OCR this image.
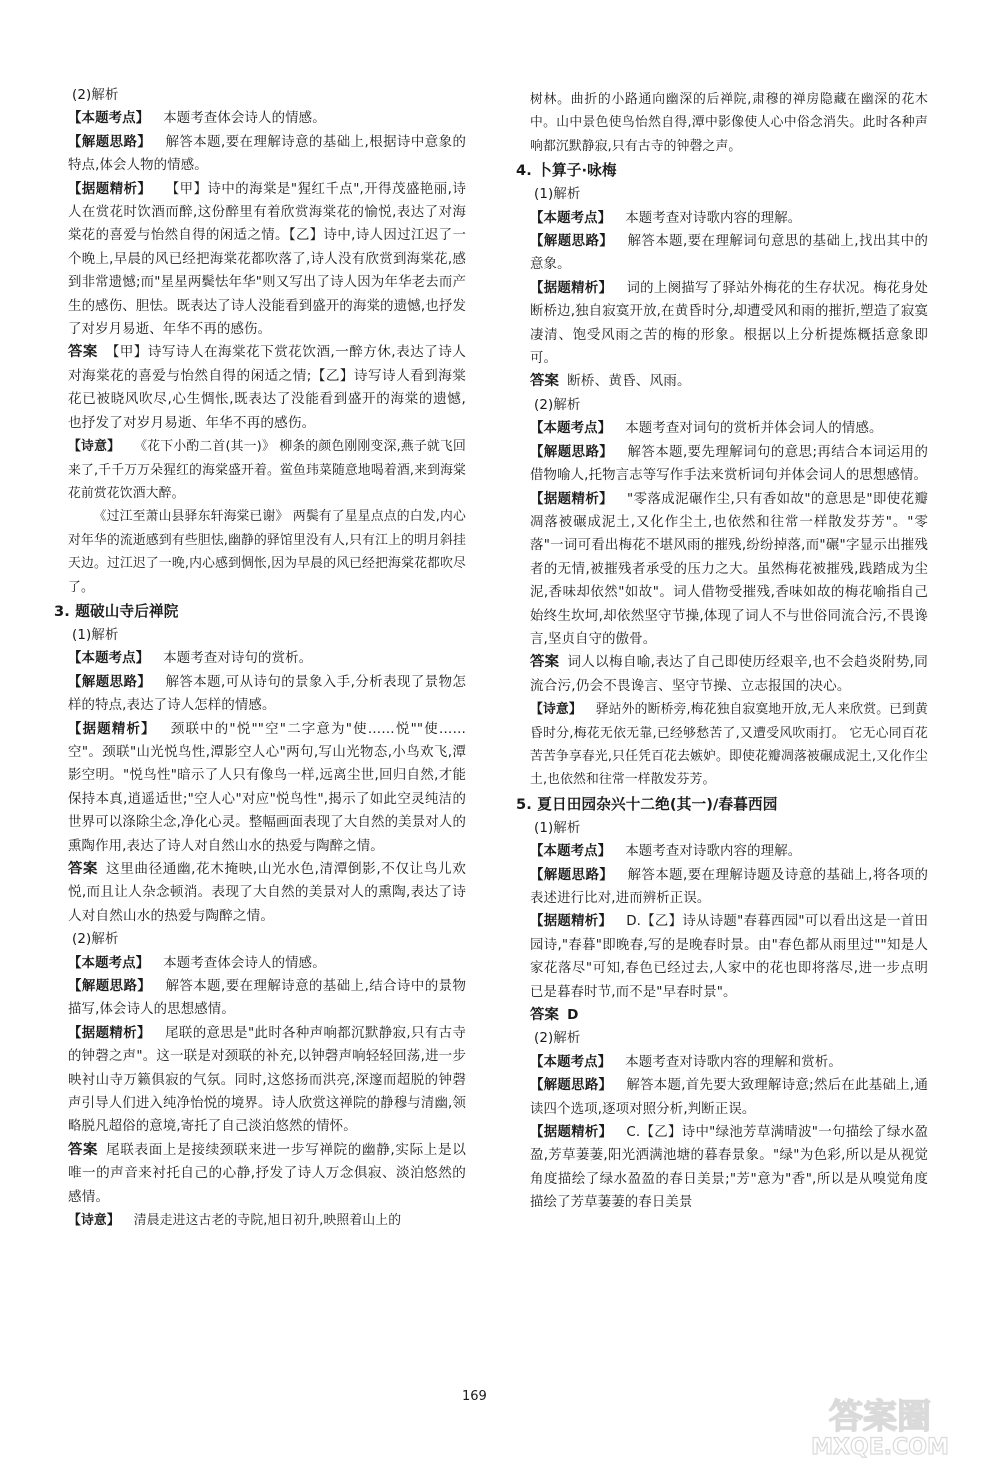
(2)解析

【本题考点】 本题考查体会诗人的情感。

【解题思路】 解答本题,要在理解诗意的基础上,根据诗中意象的特点,体会人物的情感。

【据题精析】 【甲】诗中的海棠是"猩红千点",开得茂盛艳丽,诗人在赏花时饮酒而醉,这份醉里有着欣赏海棠花的愉悦,表达了对海棠花的喜爱与怡然自得的闲适之情。【乙】诗中,诗人因过江迟了一个晚上,早晨的风已经把海棠花都吹落了,诗人没有欣赏到海棠花,感到非常遗憾;而"星星两鬓怯年华"则又写出了诗人因为年华老去而产生的感伤、胆怯。既表达了诗人没能看到盛开的海棠的遗憾,也抒发了对岁月易逝、年华不再的感伤。

答案 【甲】诗写诗人在海棠花下赏花饮酒,一醉方休,表达了诗人对海棠花的喜爱与怡然自得的闲适之情;【乙】诗写诗人看到海棠花已被晓风吹尽,心生惆怅,既表达了没能看到盛开的海棠的遗憾,也抒发了对岁月易逝、年华不再的感伤。

【诗意】 《花下小酌二首(其一)》 柳条的颜色刚刚变深,燕子就飞回来了,千千万万朵猩红的海棠盛开着。鲎鱼玮菜随意地喝着酒,来到海棠花前赏花饮酒大醉。

《过江至萧山县驿东轩海棠已谢》 两鬓有了星星点点的白发,内心对年华的流逝感到有些胆怯,幽静的驿馆里没有人,只有江上的明月斜挂天边。过江迟了一晚,内心感到惆怅,因为早晨的风已经把海棠花都吹尽了。

3. 题破山寺后禅院

(1)解析

【本题考点】 本题考查对诗句的赏析。

【解题思路】 解答本题,可从诗句的景象入手,分析表现了景物怎样的特点,表达了诗人怎样的情感。

【据题精析】 颈联中的"悦""空"二字意为"使……悦""使……空"。颈联"山光悦鸟性,潭影空人心"两句,写山光物态,小鸟欢飞,潭影空明。"悦鸟性"暗示了人只有像鸟一样,远离尘世,回归自然,才能保持本真,逍遥适世;"空人心"对应"悦鸟性",揭示了如此空灵纯洁的世界可以涤除尘念,净化心灵。整幅画面表现了大自然的美景对人的熏陶作用,表达了诗人对自然山水的热爱与陶醉之情。

答案 这里曲径通幽,花木掩映,山光水色,清潭倒影,不仅让鸟儿欢悦,而且让人杂念顿消。表现了大自然的美景对人的熏陶,表达了诗人对自然山水的热爱与陶醉之情。

(2)解析

【本题考点】 本题考查体会诗人的情感。

【解题思路】 解答本题,要在理解诗意的基础上,结合诗中的景物描写,体会诗人的思想感情。

【据题精析】 尾联的意思是"此时各种声响都沉默静寂,只有古寺的钟磬之声"。这一联是对颈联的补充,以钟磬声响轻轻回荡,进一步映衬山寺万籁俱寂的气氛。同时,这悠扬而洪亮,深邃而超脱的钟磬声引导人们进入纯净怡悦的境界。诗人欣赏这禅院的静穆与清幽,领略脱凡超俗的意境,寄托了自己淡泊悠然的情怀。

答案 尾联表面上是接续颈联来进一步写禅院的幽静,实际上是以唯一的声音来衬托自己的心静,抒发了诗人万念俱寂、淡泊悠然的感情。

【诗意】 清晨走进这古老的寺院,旭日初升,映照着山上的

树林。曲折的小路通向幽深的后禅院,肃穆的禅房隐藏在幽深的花木中。山中景色使鸟怡然自得,潭中影像使人心中俗念消失。此时各种声响都沉默静寂,只有古寺的钟磬之声。

4. 卜算子·咏梅

(1)解析

【本题考点】 本题考查对诗歌内容的理解。

【解题思路】 解答本题,要在理解词句意思的基础上,找出其中的意象。

【据题精析】 词的上阕描写了驿站外梅花的生存状况。梅花身处断桥边,独自寂寞开放,在黄昏时分,却遭受风和雨的摧折,塑造了寂寞凄清、饱受风雨之苦的梅的形象。根据以上分析提炼概括意象即可。

答案 断桥、黄昏、风雨。

(2)解析

【本题考点】 本题考查对词句的赏析并体会词人的情感。

【解题思路】 解答本题,要先理解词句的意思;再结合本词运用的借物喻人,托物言志等写作手法来赏析词句并体会词人的思想感情。

【据题精析】 "零落成泥碾作尘,只有香如故"的意思是"即使花瓣凋落被碾成泥土,又化作尘土,也依然和往常一样散发芬芳"。"零落"一词可看出梅花不堪风雨的摧残,纷纷掉落,而"碾"字显示出摧残者的无情,被摧残者承受的压力之大。虽然梅花被摧残,践踏成为尘泥,香味却依然"如故"。词人借物受摧残,香味如故的梅花喻指自己始终生坎坷,却依然坚守节操,体现了词人不与世俗同流合污,不畏谗言,坚贞自守的傲骨。

答案 词人以梅自喻,表达了自己即使历经艰辛,也不会趋炎附势,同流合污,仍会不畏谗言、坚守节操、立志报国的决心。

【诗意】 驿站外的断桥旁,梅花独自寂寞地开放,无人来欣赏。已到黄昏时分,梅花无依无靠,已经够愁苦了,又遭受风吹雨打。 它无心同百花苦苦争享春光,只任凭百花去嫉妒。即使花瓣凋落被碾成泥土,又化作尘土,也依然和往常一样散发芬芳。

5. 夏日田园杂兴十二绝(其一)/春暮西园

(1)解析

【本题考点】 本题考查对诗歌内容的理解。

【解题思路】 解答本题,要在理解诗题及诗意的基础上,将各项的表述进行比对,进而辨析正误。

【据题精析】 D.【乙】诗从诗题"春暮西园"可以看出这是一首田园诗,"春暮"即晚春,写的是晚春时景。由"春色都从雨里过""知是人家花落尽"可知,春色已经过去,人家中的花也即将落尽,进一步点明已是暮春时节,而不是"早春时景"。

答案 D

(2)解析

【本题考点】 本题考查对诗歌内容的理解和赏析。

【解题思路】 解答本题,首先要大致理解诗意;然后在此基础上,通读四个选项,逐项对照分析,判断正误。

【据题精析】 C.【乙】诗中"绿池芳草满晴波"一句描绘了绿水盈盈,芳草萋萋,阳光洒满池塘的暮春景象。"绿"为色彩,所以是从视觉角度描绘了绿水盈盈的春日美景;"芳"意为"香",所以是从嗅觉角度描绘了芳草萋萋的春日美景

169
答案圈
MXQE.COM
